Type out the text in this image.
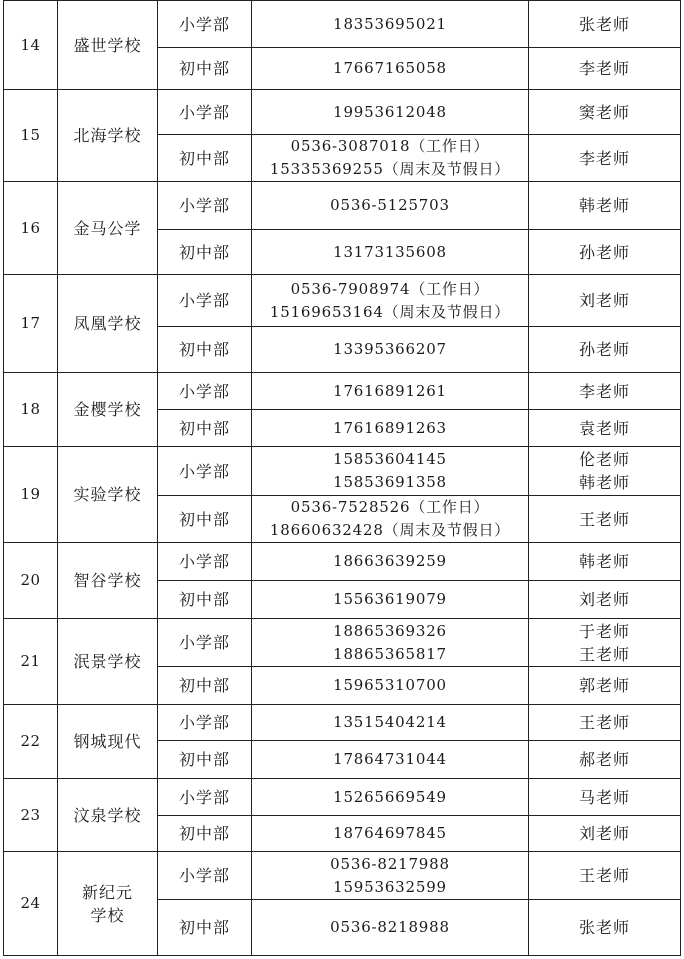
14	盛世学校	小学部	18353695021	张老师

		初中部	17667165058	李老师

15	北海学校	小学部	19953612048	窦老师

		初中部	0536-3087018（工作日）
15335369255（周末及节假日）	李老师

16	金马公学	小学部	0536-5125703	韩老师

		初中部	13173135608	孙老师

17	凤凰学校	小学部	0536-7908974（工作日）
15169653164（周末及节假日）	刘老师

		初中部	13395366207	孙老师

18	金樱学校	小学部	17616891261	李老师

		初中部	17616891263	袁老师

19	实验学校	小学部	15853604145
15853691358	伦老师
韩老师

		初中部	0536-7528526（工作日）
18660632428（周末及节假日）	王老师

20	智谷学校	小学部	18663639259	韩老师

		初中部	15563619079	刘老师

21	泯景学校	小学部	18865369326
18865365817	于老师
王老师

		初中部	15965310700	郭老师

22	钢城现代	小学部	13515404214	王老师

		初中部	17864731044	郝老师

23	汶泉学校	小学部	15265669549	马老师

		初中部	18764697845	刘老师

24	新纪元
学校	小学部	0536-8217988
15953632599	王老师

		初中部	0536-8218988	张老师
